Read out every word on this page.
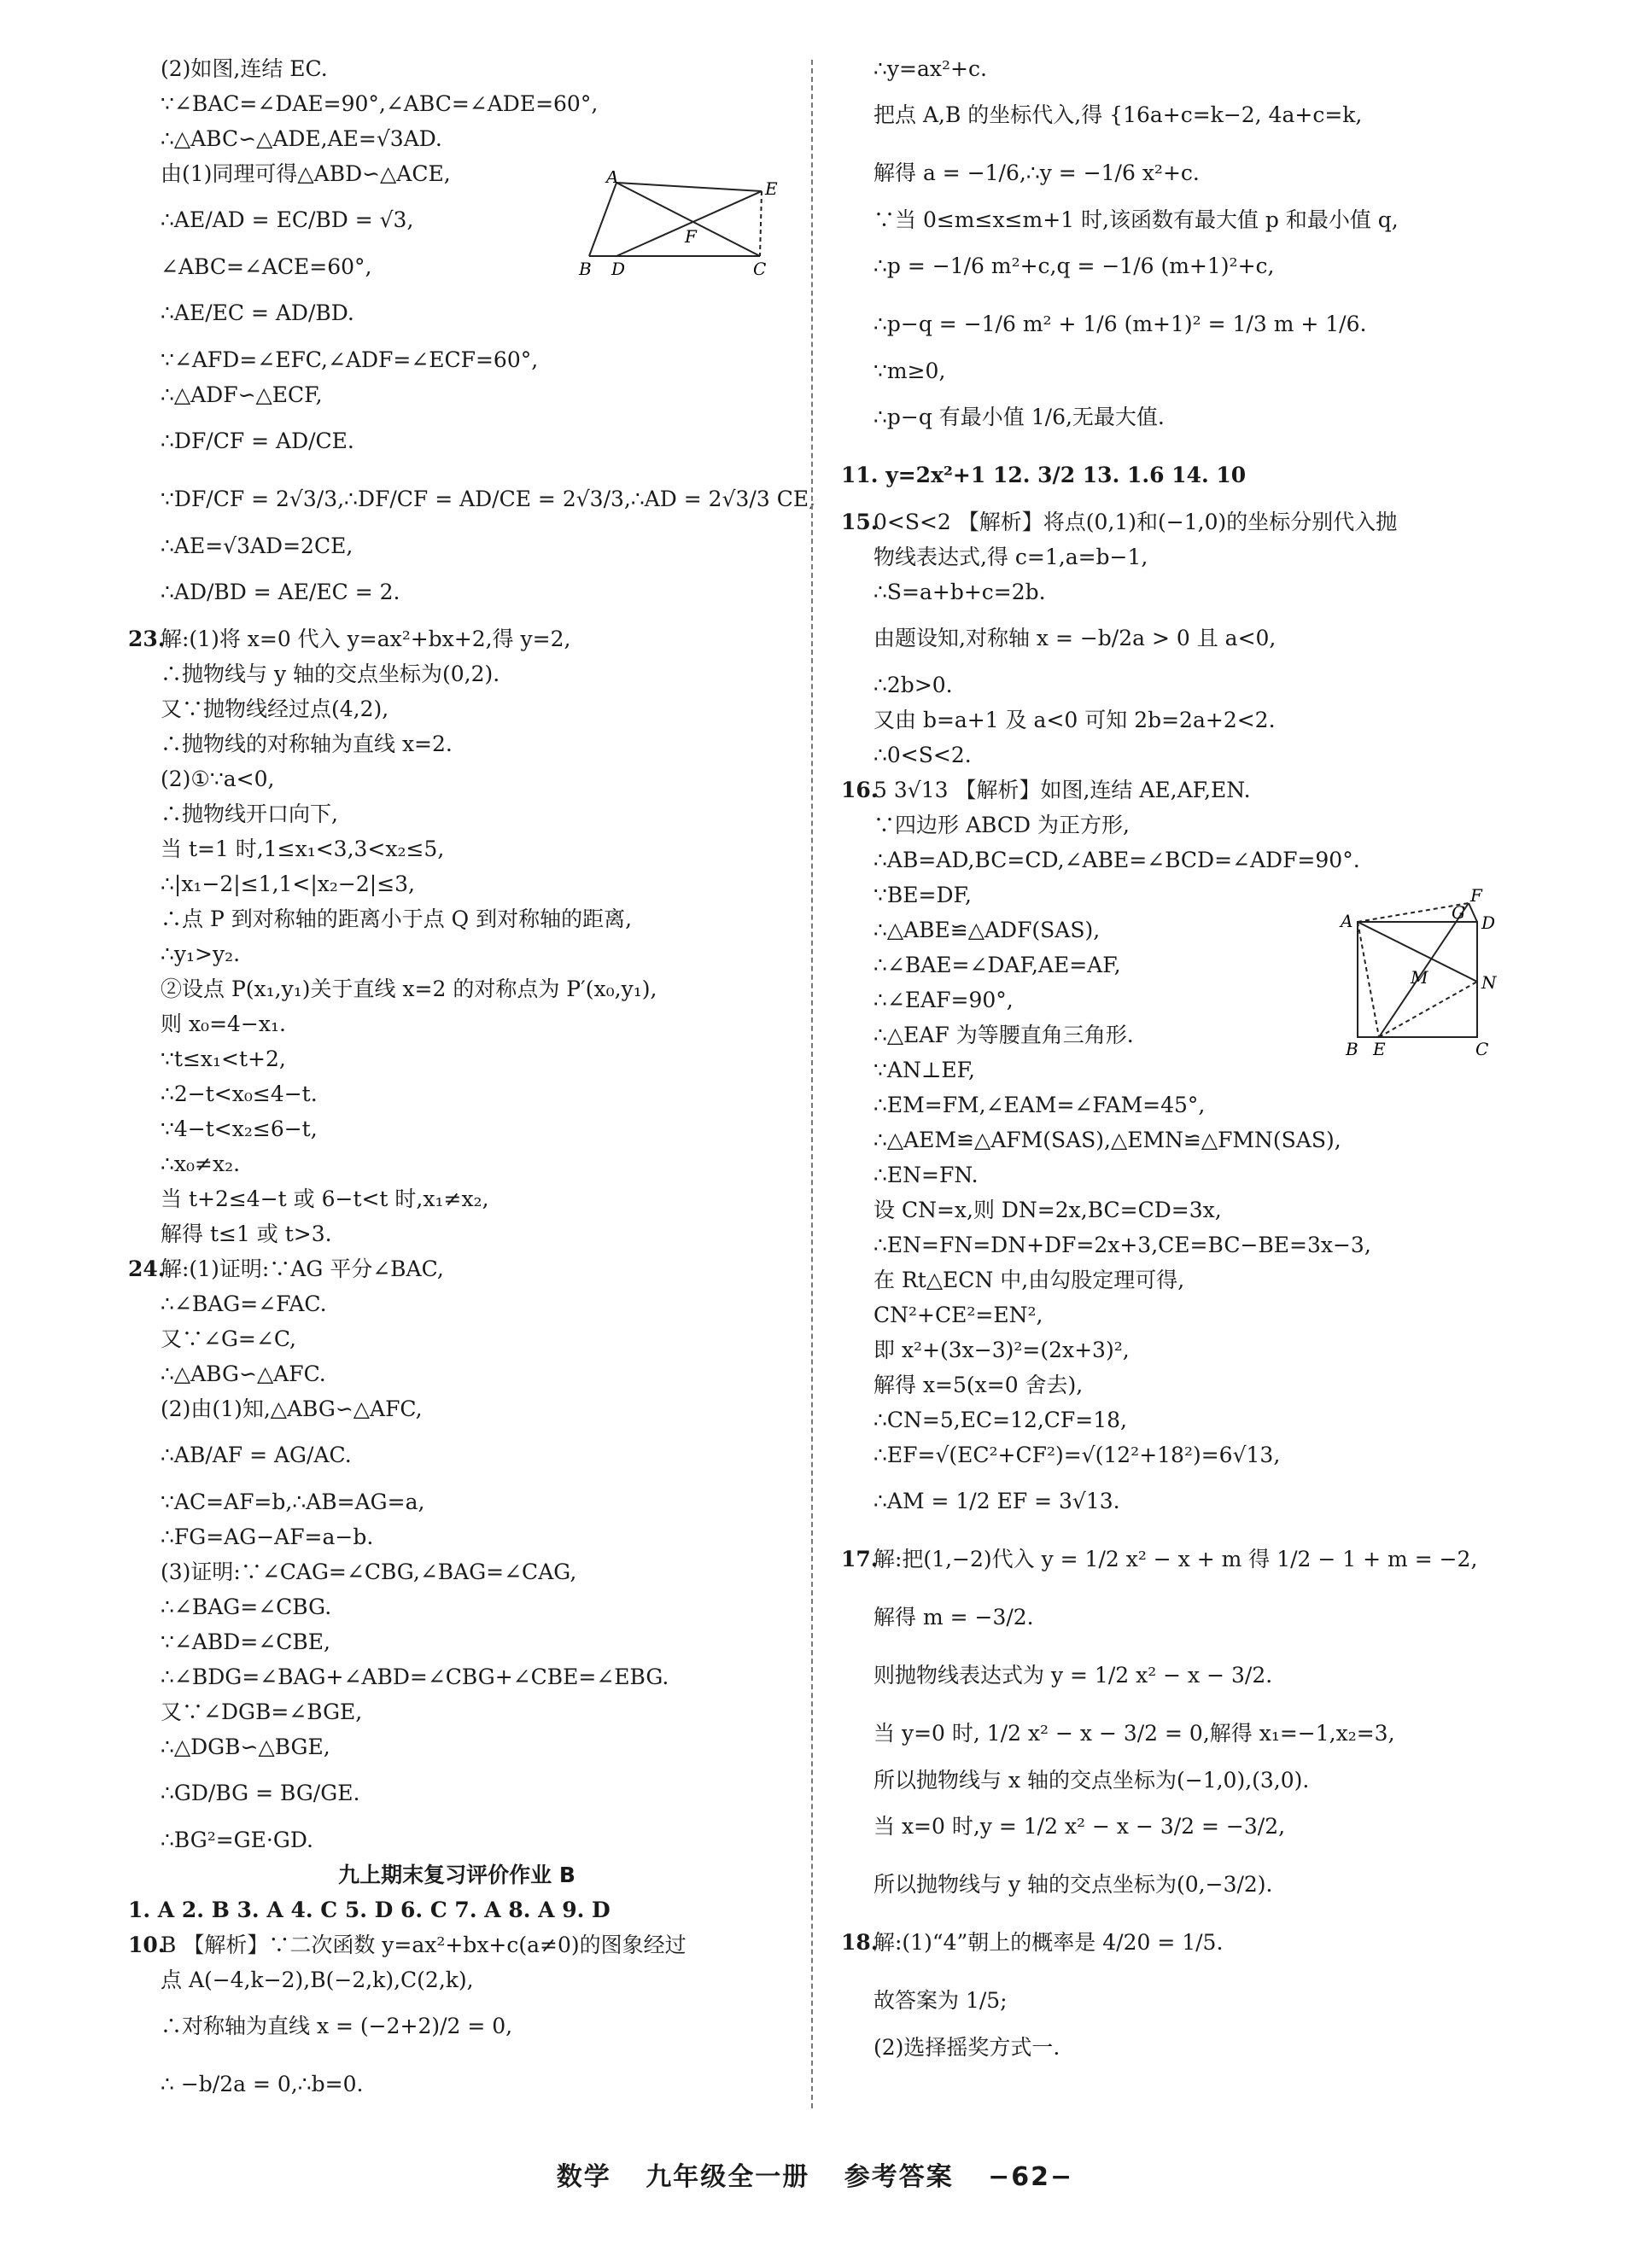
(2)如图,连结 EC.
∵∠BAC=∠DAE=90°,∠ABC=∠ADE=60°,
∴△ABC∽△ADE,AE=√3AD.
由(1)同理可得△ABD∽△ACE,
∴AE/AD = EC/BD = √3,
∠ABC=∠ACE=60°,
∴AE/EC = AD/BD.
∵∠AFD=∠EFC,∠ADF=∠ECF=60°,
∴△ADF∽△ECF,
∴DF/CF = AD/CE.
∵DF/CF = 2√3/3,∴DF/CF = AD/CE = 2√3/3,∴AD = 2√3/3 CE,
∴AE=√3AD=2CE,
∴AD/BD = AE/EC = 2.
23.解:(1)将 x=0 代入 y=ax²+bx+2,得 y=2,
∴抛物线与 y 轴的交点坐标为(0,2).
又∵抛物线经过点(4,2),
∴抛物线的对称轴为直线 x=2.
(2)①∵a<0,
∴抛物线开口向下,
当 t=1 时,1≤x₁<3,3<x₂≤5,
∴|x₁−2|≤1,1<|x₂−2|≤3,
∴点 P 到对称轴的距离小于点 Q 到对称轴的距离,
∴y₁>y₂.
②设点 P(x₁,y₁)关于直线 x=2 的对称点为 P′(x₀,y₁),
则 x₀=4−x₁.
∵t≤x₁<t+2,
∴2−t<x₀≤4−t.
∵4−t<x₂≤6−t,
∴x₀≠x₂.
当 t+2≤4−t 或 6−t<t 时,x₁≠x₂,
解得 t≤1 或 t>3.
24.解:(1)证明:∵AG 平分∠BAC,
∴∠BAG=∠FAC.
又∵∠G=∠C,
∴△ABG∽△AFC.
(2)由(1)知,△ABG∽△AFC,
∴AB/AF = AG/AC.
∵AC=AF=b,∴AB=AG=a,
∴FG=AG−AF=a−b.
(3)证明:∵∠CAG=∠CBG,∠BAG=∠CAG,
∴∠BAG=∠CBG.
∵∠ABD=∠CBE,
∴∠BDG=∠BAG+∠ABD=∠CBG+∠CBE=∠EBG.
又∵∠DGB=∠BGE,
∴△DGB∽△BGE,
∴GD/BG = BG/GE.
∴BG²=GE·GD.
九上期末复习评价作业 B
1. A 2. B 3. A 4. C 5. D 6. C 7. A 8. A 9. D
10.B 【解析】∵二次函数 y=ax²+bx+c(a≠0)的图象经过
点 A(−4,k−2),B(−2,k),C(2,k),
∴对称轴为直线 x = (−2+2)/2 = 0,
∴ −b/2a = 0,∴b=0.
∴y=ax²+c.
把点 A,B 的坐标代入,得 {16a+c=k−2, 4a+c=k,
解得 a = −1/6,∴y = −1/6 x²+c.
∵当 0≤m≤x≤m+1 时,该函数有最大值 p 和最小值 q,
∴p = −1/6 m²+c,q = −1/6 (m+1)²+c,
∴p−q = −1/6 m² + 1/6 (m+1)² = 1/3 m + 1/6.
∵m≥0,
∴p−q 有最小值 1/6,无最大值.
11. y=2x²+1 12. 3/2 13. 1.6 14. 10
15.0<S<2 【解析】将点(0,1)和(−1,0)的坐标分别代入抛
物线表达式,得 c=1,a=b−1,
∴S=a+b+c=2b.
由题设知,对称轴 x = −b/2a > 0 且 a<0,
∴2b>0.
又由 b=a+1 及 a<0 可知 2b=2a+2<2.
∴0<S<2.
16.5 3√13 【解析】如图,连结 AE,AF,EN.
∵四边形 ABCD 为正方形,
∴AB=AD,BC=CD,∠ABE=∠BCD=∠ADF=90°.
∵BE=DF,
∴△ABE≌△ADF(SAS),
∴∠BAE=∠DAF,AE=AF,
∴∠EAF=90°,
∴△EAF 为等腰直角三角形.
∵AN⊥EF,
∴EM=FM,∠EAM=∠FAM=45°,
∴△AEM≌△AFM(SAS),△EMN≌△FMN(SAS),
∴EN=FN.
设 CN=x,则 DN=2x,BC=CD=3x,
∴EN=FN=DN+DF=2x+3,CE=BC−BE=3x−3,
在 Rt△ECN 中,由勾股定理可得,
CN²+CE²=EN²,
即 x²+(3x−3)²=(2x+3)²,
解得 x=5(x=0 舍去),
∴CN=5,EC=12,CF=18,
∴EF=√(EC²+CF²)=√(12²+18²)=6√13,
∴AM = 1/2 EF = 3√13.
17.解:把(1,−2)代入 y = 1/2 x² − x + m 得 1/2 − 1 + m = −2,
解得 m = −3/2.
则抛物线表达式为 y = 1/2 x² − x − 3/2.
当 y=0 时, 1/2 x² − x − 3/2 = 0,解得 x₁=−1,x₂=3,
所以抛物线与 x 轴的交点坐标为(−1,0),(3,0).
当 x=0 时,y = 1/2 x² − x − 3/2 = −3/2,
所以抛物线与 y 轴的交点坐标为(0,−3/2).
18.解:(1)“4”朝上的概率是 4/20 = 1/5.
故答案为 1/5;
(2)选择摇奖方式一.
A
E
F
B D	C
F
A	G D
M	N
B E	C
数学 九年级全一册 参考答案 −62−
